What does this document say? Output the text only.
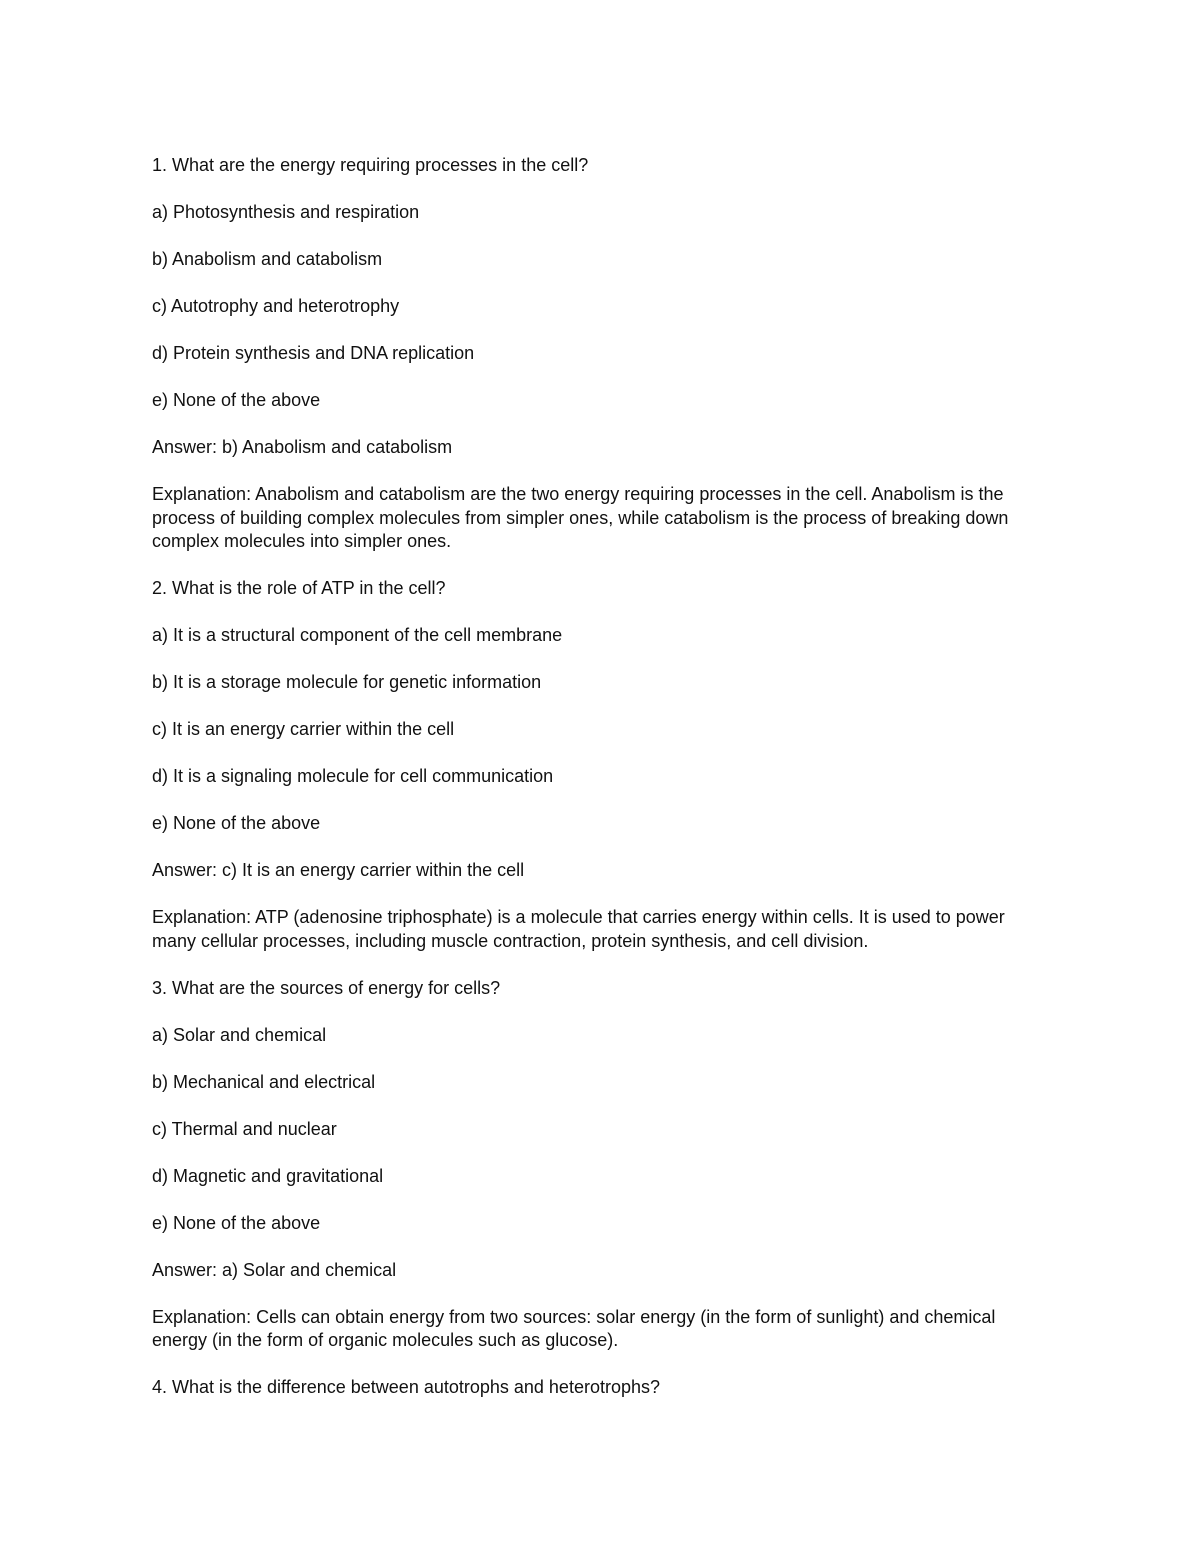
1. What are the energy requiring processes in the cell?

a) Photosynthesis and respiration

b) Anabolism and catabolism

c) Autotrophy and heterotrophy

d) Protein synthesis and DNA replication

e) None of the above

Answer: b) Anabolism and catabolism

Explanation: Anabolism and catabolism are the two energy requiring processes in the cell. Anabolism is the process of building complex molecules from simpler ones, while catabolism is the process of breaking down complex molecules into simpler ones.

2. What is the role of ATP in the cell?

a) It is a structural component of the cell membrane

b) It is a storage molecule for genetic information

c) It is an energy carrier within the cell

d) It is a signaling molecule for cell communication

e) None of the above

Answer: c) It is an energy carrier within the cell

Explanation: ATP (adenosine triphosphate) is a molecule that carries energy within cells. It is used to power many cellular processes, including muscle contraction, protein synthesis, and cell division.

3. What are the sources of energy for cells?

a) Solar and chemical

b) Mechanical and electrical

c) Thermal and nuclear

d) Magnetic and gravitational

e) None of the above

Answer: a) Solar and chemical

Explanation: Cells can obtain energy from two sources: solar energy (in the form of sunlight) and chemical energy (in the form of organic molecules such as glucose).

4. What is the difference between autotrophs and heterotrophs?
